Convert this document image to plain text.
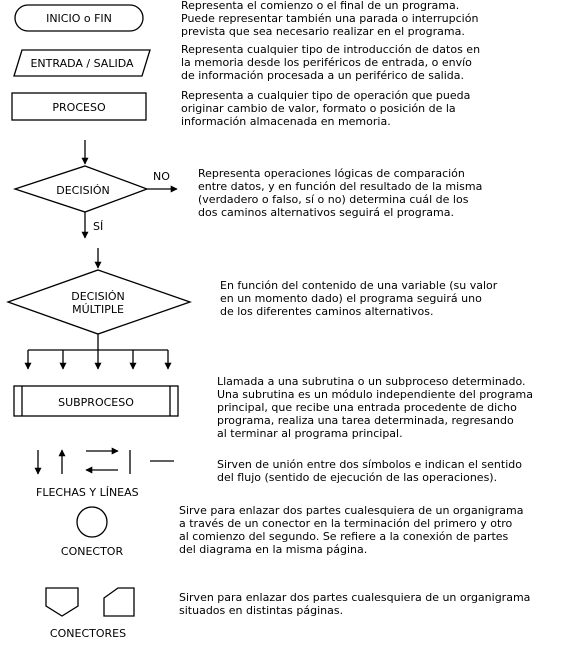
INICIO o FIN
Representa el comienzo o el final de un programa. Puede representar también una parada o interrupción prevista que sea necesario realizar en el programa.
ENTRADA / SALIDA
Representa cualquier tipo de introducción de datos en la memoria desde los periféricos de entrada, o envío de información procesada a un periférico de salida.
PROCESO
Representa a cualquier tipo de operación que pueda originar cambio de valor, formato o posición de la información almacenada en memoria.
DECISIÓN
NO
SÍ
Representa operaciones lógicas de comparación entre datos, y en función del resultado de la misma (verdadero o falso, sí o no) determina cuál de los dos caminos alternativos seguirá el programa.
DECISIÓN
MÚLTIPLE
En función del contenido de una variable (su valor en un momento dado) el programa seguirá uno de los diferentes caminos alternativos.
SUBPROCESO
Llamada a una subrutina o un subproceso determinado. Una subrutina es un módulo independiente del programa principal, que recibe una entrada procedente de dicho programa, realiza una tarea determinada, regresando al terminar al programa principal.
FLECHAS Y LÍNEAS
Sirven de unión entre dos símbolos e indican el sentido del flujo (sentido de ejecución de las operaciones).
CONECTOR
Sirve para enlazar dos partes cualesquiera de un organigrama a través de un conector en la terminación del primero y otro al comienzo del segundo. Se refiere a la conexión de partes del diagrama en la misma página.
CONECTORES
Sirven para enlazar dos partes cualesquiera de un organigrama situados en distintas páginas.
